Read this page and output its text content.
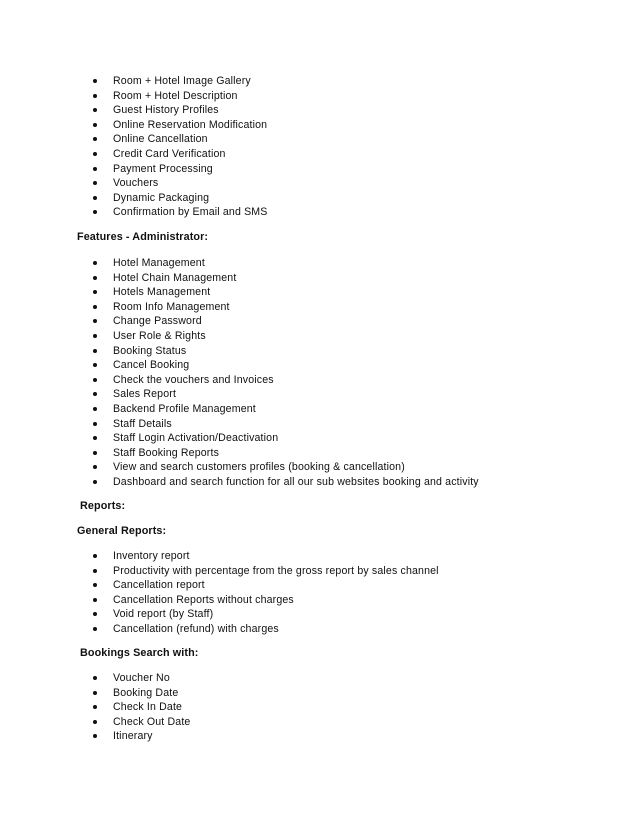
Room + Hotel Image Gallery
Room + Hotel Description
Guest History Profiles
Online Reservation Modification
Online Cancellation
Credit Card Verification
Payment Processing
Vouchers
Dynamic Packaging
Confirmation by Email and SMS
Features - Administrator:
Hotel Management
Hotel Chain Management
Hotels Management
Room Info Management
Change Password
User Role & Rights
Booking Status
Cancel Booking
Check the vouchers and Invoices
Sales Report
Backend Profile Management
Staff Details
Staff Login Activation/Deactivation
Staff Booking Reports
View and search customers profiles (booking & cancellation)
Dashboard and search function for all our sub websites booking and activity
Reports:
General Reports:
Inventory report
Productivity with percentage from the gross report by sales channel
Cancellation report
Cancellation Reports without charges
Void report (by Staff)
Cancellation (refund) with charges
Bookings Search with:
Voucher No
Booking Date
Check In Date
Check Out Date
Itinerary
